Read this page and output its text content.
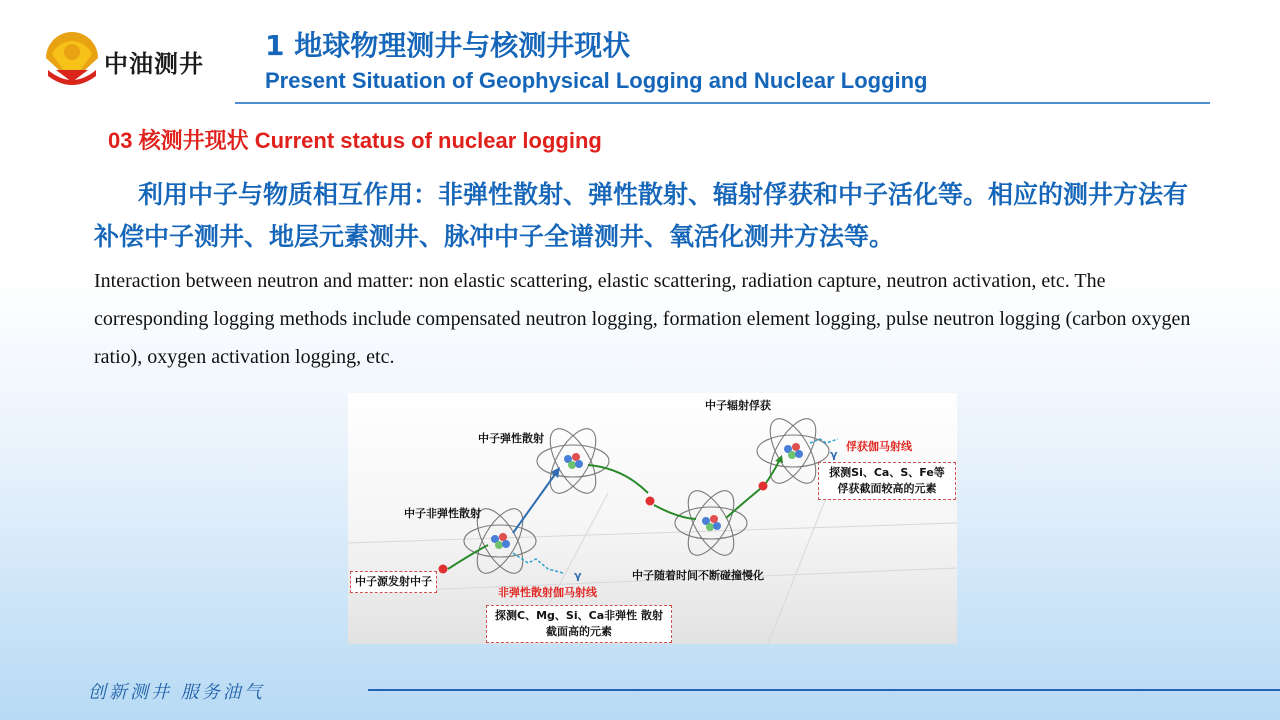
中油测井
1 地球物理测井与核测井现状
Present Situation of Geophysical Logging and Nuclear Logging
03 核测井现状 Current status of nuclear logging
利用中子与物质相互作用：非弹性散射、弹性散射、辐射俘获和中子活化等。相应的测井方法有补偿中子测井、地层元素测井、脉冲中子全谱测井、氧活化测井方法等。
Interaction between neutron and matter: non elastic scattering, elastic scattering, radiation capture, neutron activation, etc. The corresponding logging methods include compensated neutron logging, formation element logging, pulse neutron logging (carbon oxygen ratio), oxygen activation logging, etc.
中子弹性散射
中子辐射俘获
中子非弹性散射
中子随着时间不断碰撞慢化
中子源发射中子
俘获伽马射线
非弹性散射伽马射线
γ
γ
探测Si、Ca、S、Fe等 俘获截面较高的元素
探测C、Mg、Si、Ca非弹性 散射截面高的元素
创新测井 服务油气
